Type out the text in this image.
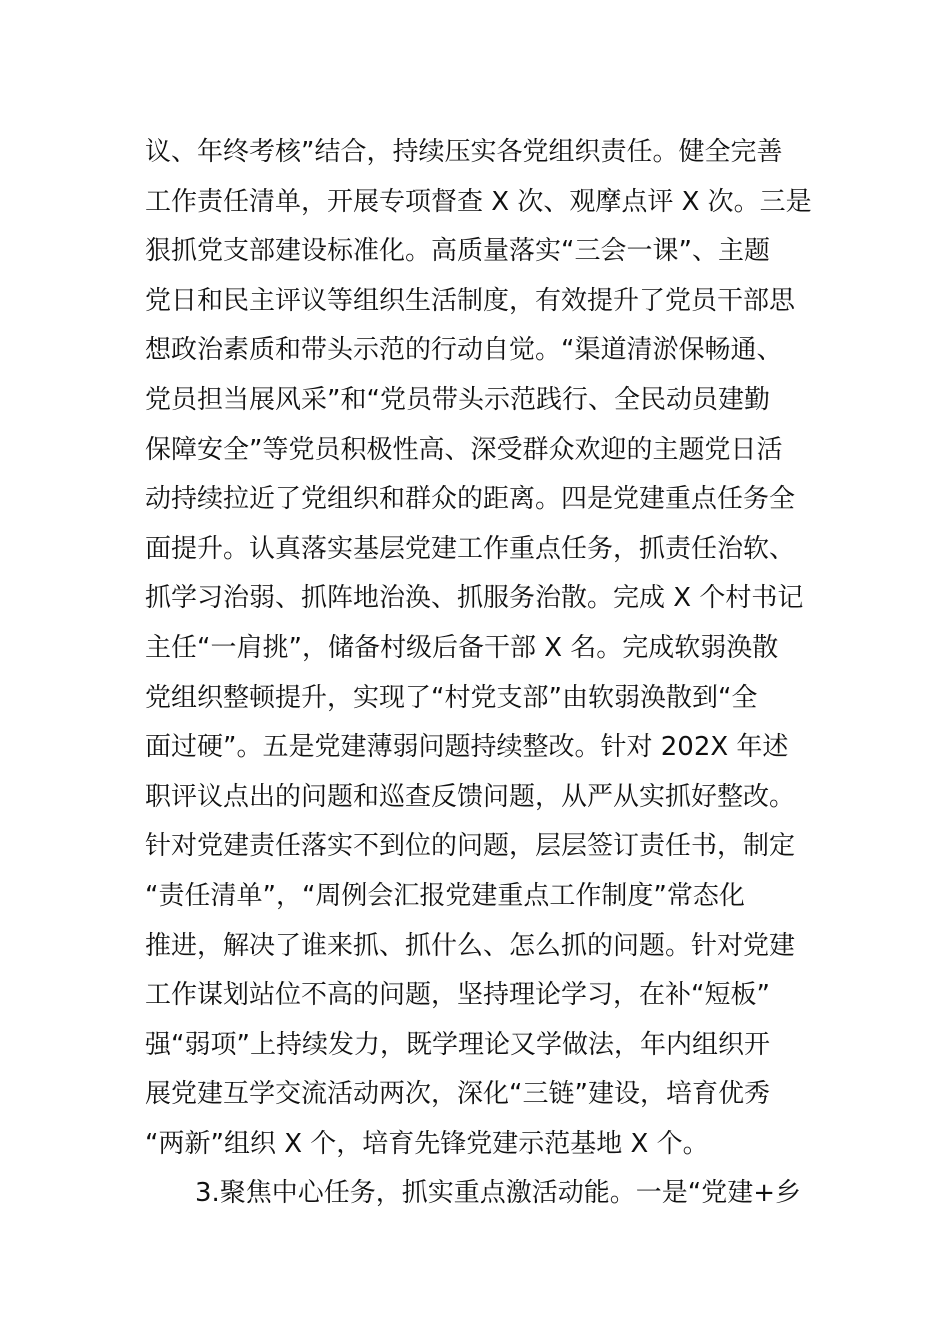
议、年终考核”结合，持续压实各党组织责任。健全完善
工作责任清单，开展专项督查 X 次、观摩点评 X 次。三是
狠抓党支部建设标准化。高质量落实“三会一课”、主题
党日和民主评议等组织生活制度，有效提升了党员干部思
想政治素质和带头示范的行动自觉。“渠道清淤保畅通、
党员担当展风采”和“党员带头示范践行、全民动员建勤
保障安全”等党员积极性高、深受群众欢迎的主题党日活
动持续拉近了党组织和群众的距离。四是党建重点任务全
面提升。认真落实基层党建工作重点任务，抓责任治软、
抓学习治弱、抓阵地治涣、抓服务治散。完成 X 个村书记
主任“一肩挑”，储备村级后备干部 X 名。完成软弱涣散
党组织整顿提升，实现了“村党支部”由软弱涣散到“全
面过硬”。五是党建薄弱问题持续整改。针对 202X 年述
职评议点出的问题和巡查反馈问题，从严从实抓好整改。
针对党建责任落实不到位的问题，层层签订责任书，制定
“责任清单”，“周例会汇报党建重点工作制度”常态化
推进，解决了谁来抓、抓什么、怎么抓的问题。针对党建
工作谋划站位不高的问题，坚持理论学习，在补“短板”
强“弱项”上持续发力，既学理论又学做法，年内组织开
展党建互学交流活动两次，深化“三链”建设，培育优秀
“两新”组织 X 个，培育先锋党建示范基地 X 个。
3.聚焦中心任务，抓实重点激活动能。一是“党建+乡
